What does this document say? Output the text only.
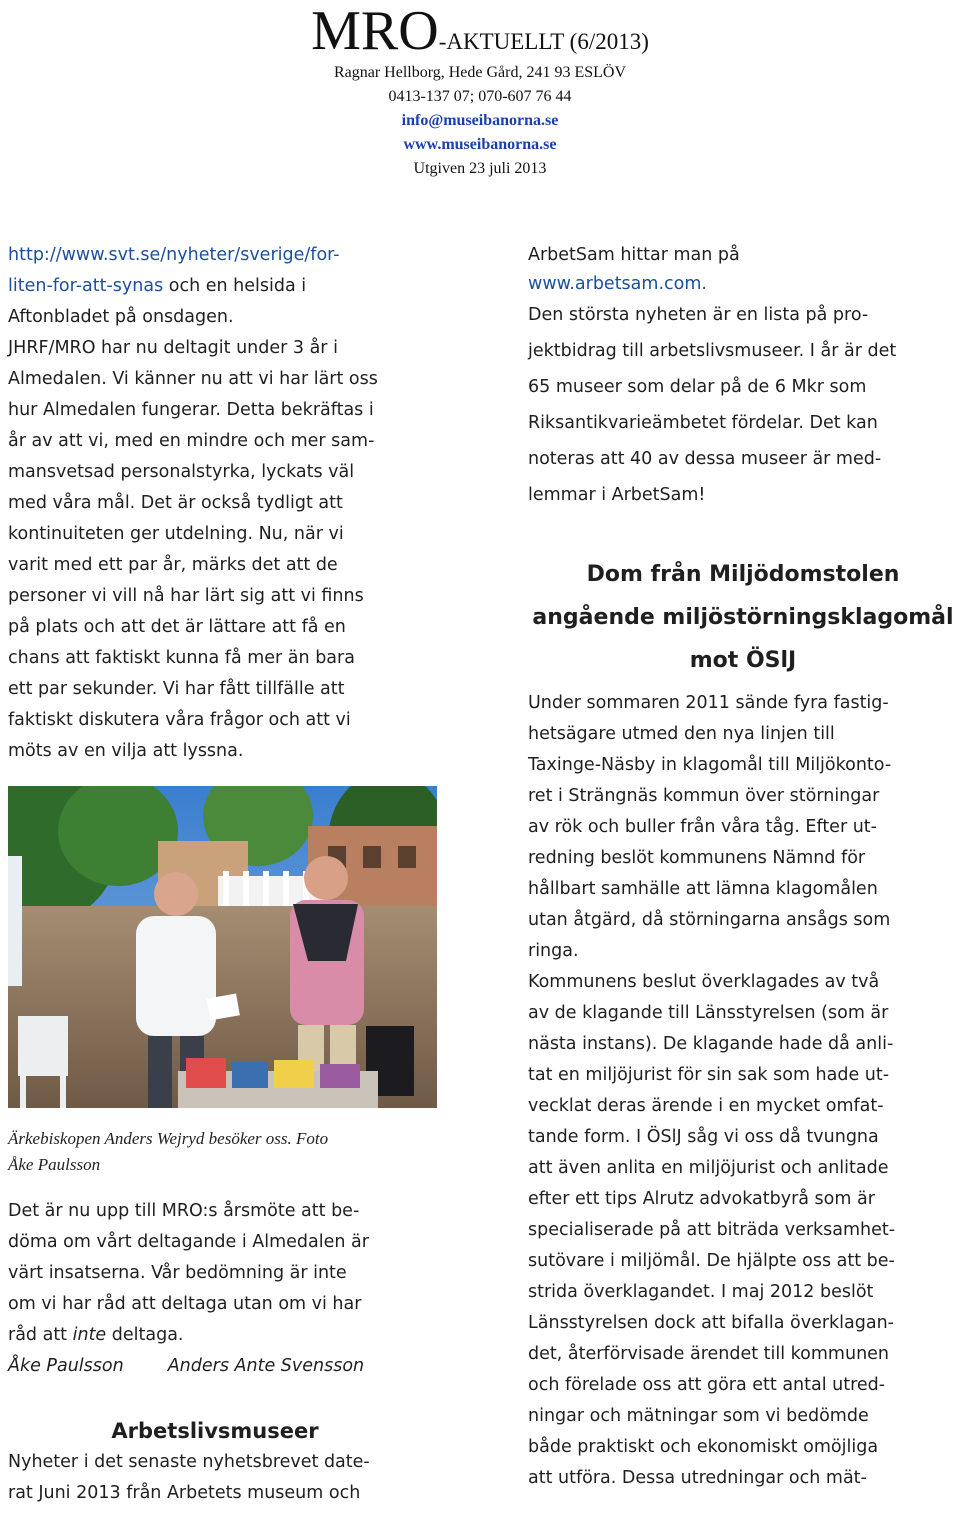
MRO-AKTUELLT (6/2013)
Ragnar Hellborg, Hede Gård, 241 93 ESLÖV
0413-137 07; 070-607 76 44
info@museibanorna.se
www.museibanorna.se
Utgiven 23 juli 2013

http://www.svt.se/nyheter/sverige/for-

liten-for-att-synas och en helsida i

Aftonbladet på onsdagen.

JHRF/MRO har nu deltagit under 3 år i

Almedalen. Vi känner nu att vi har lärt oss

hur Almedalen fungerar. Detta bekräftas i

år av att vi, med en mindre och mer sam-

mansvetsad personalstyrka, lyckats väl

med våra mål. Det är också tydligt att

kontinuiteten ger utdelning. Nu, när vi

varit med ett par år, märks det att de

personer vi vill nå har lärt sig att vi finns

på plats och att det är lättare att få en

chans att faktiskt kunna få mer än bara

ett par sekunder. Vi har fått tillfälle att

faktiskt diskutera våra frågor och att vi

möts av en vilja att lyssna.

Ärkebiskopen Anders Wejryd besöker oss. Foto
Åke Paulsson

Det är nu upp till MRO:s årsmöte att be-

döma om vårt deltagande i Almedalen är

värt insatserna. Vår bedömning är inte

om vi har råd att deltaga utan om vi har

råd att inte deltaga.

Åke Paulsson	Anders Ante Svensson

Arbetslivsmuseer

Nyheter i det senaste nyhetsbrevet date-

rat Juni 2013 från Arbetets museum och

ArbetSam hittar man på

www.arbetsam.com.

Den största nyheten är en lista på pro-

jektbidrag till arbetslivsmuseer. I år är det

65 museer som delar på de 6 Mkr som

Riksantikvarieämbetet fördelar. Det kan

noteras att 40 av dessa museer är med-

lemmar i ArbetSam!

Dom från Miljödomstolen

angående miljöstörningsklagomål

mot ÖSlJ

Under sommaren 2011 sände fyra fastig-

hetsägare utmed den nya linjen till

Taxinge-Näsby in klagomål till Miljökonto-

ret i Strängnäs kommun över störningar

av rök och buller från våra tåg. Efter ut-

redning beslöt kommunens Nämnd för

hållbart samhälle att lämna klagomålen

utan åtgärd, då störningarna ansågs som

ringa.

Kommunens beslut överklagades av två

av de klagande till Länsstyrelsen (som är

nästa instans). De klagande hade då anli-

tat en miljöjurist för sin sak som hade ut-

vecklat deras ärende i en mycket omfat-

tande form. I ÖSlJ såg vi oss då tvungna

att även anlita en miljöjurist och anlitade

efter ett tips Alrutz advokatbyrå som är

specialiserade på att biträda verksamhet-

sutövare i miljömål. De hjälpte oss att be-

strida överklagandet. I maj 2012 beslöt

Länsstyrelsen dock att bifalla överklagan-

det, återförvisade ärendet till kommunen

och förelade oss att göra ett antal utred-

ningar och mätningar som vi bedömde

både praktiskt och ekonomiskt omöjliga

att utföra. Dessa utredningar och mät-
